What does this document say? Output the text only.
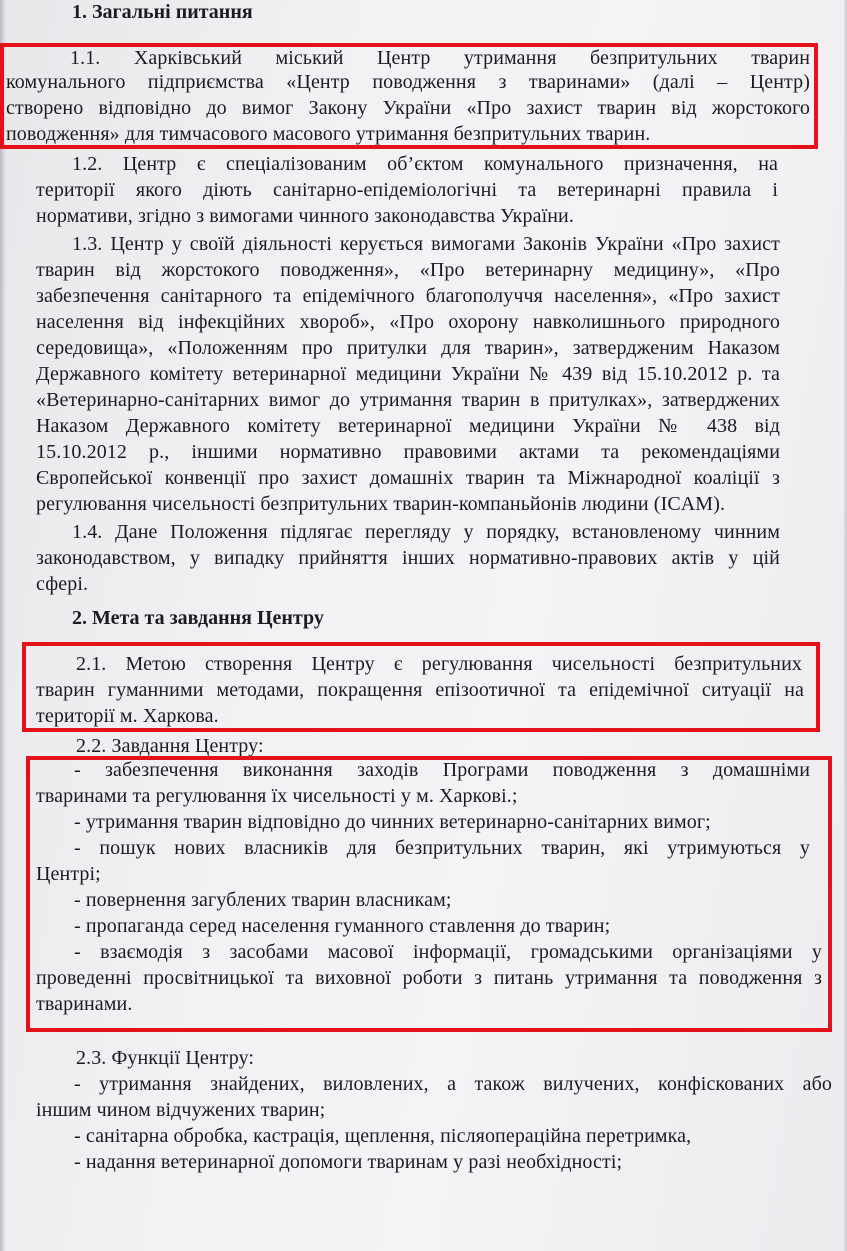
1. Загальні питання
1.1. Харківський міський Центр утримання безпритульних тварин
комунального підприємства «Центр поводження з тваринами» (далі – Центр)
створено відповідно до вимог Закону України «Про захист тварин від жорстокого
поводження» для тимчасового масового утримання безпритульних тварин.
1.2. Центр є спеціалізованим об’єктом комунального призначення, на
території якого діють санітарно-епідеміологічні та ветеринарні правила і
нормативи, згідно з вимогами чинного законодавства України.
1.3. Центр у своїй діяльності керується вимогами Законів України «Про захист
тварин від жорстокого поводження», «Про ветеринарну медицину», «Про
забезпечення санітарного та епідемічного благополуччя населення», «Про захист
населення від інфекційних хвороб», «Про охорону навколишнього природного
середовища», «Положенням про притулки для тварин», затвердженим Наказом
Державного комітету ветеринарної медицини України № 439 від 15.10.2012 р. та
«Ветеринарно-санітарних вимог до утримання тварин в притулках», затверджених
Наказом Державного комітету ветеринарної медицини України № 438 від
15.10.2012 р., іншими нормативно правовими актами та рекомендаціями
Європейської конвенції про захист домашніх тварин та Міжнародної коаліції з
регулювання чисельності безпритульних тварин-компаньйонів людини (ICAM).
1.4. Дане Положення підлягає перегляду у порядку, встановленому чинним
законодавством, у випадку прийняття інших нормативно-правових актів у цій
сфері.
2. Мета та завдання Центру
2.1. Метою створення Центру є регулювання чисельності безпритульних
тварин гуманними методами, покращення епізоотичної та епідемічної ситуації на
території м. Харкова.
2.2. Завдання Центру:
- забезпечення виконання заходів Програми поводження з домашніми
тваринами та регулювання їх чисельності у м. Харкові.;
- утримання тварин відповідно до чинних ветеринарно-санітарних вимог;
- пошук нових власників для безпритульних тварин, які утримуються у
Центрі;
- повернення загублених тварин власникам;
- пропаганда серед населення гуманного ставлення до тварин;
- взаємодія з засобами масової інформації, громадськими організаціями у
проведенні просвітницької та виховної роботи з питань утримання та поводження з
тваринами.
2.3. Функції Центру:
- утримання знайдених, виловлених, а також вилучених, конфіскованих або
іншим чином відчужених тварин;
- санітарна обробка, кастрація, щеплення, післяопераційна перетримка,
- надання ветеринарної допомоги тваринам у разі необхідності;
